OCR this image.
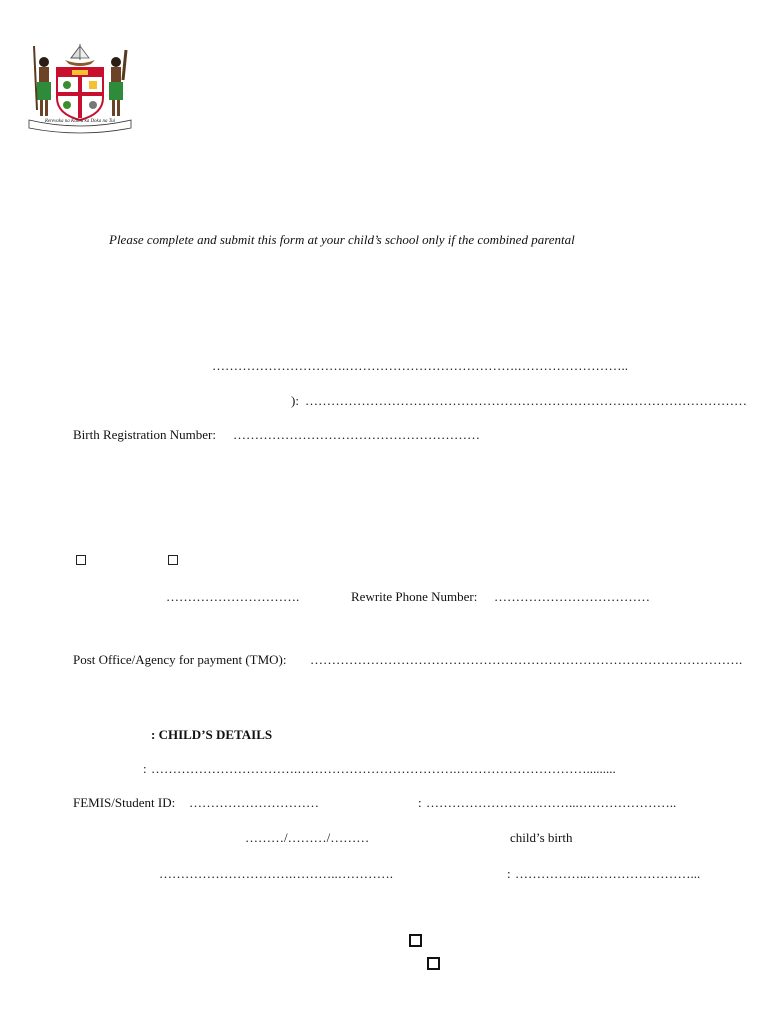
Rerevaka na Kalou ka Doka na Tui
Please complete and submit this form at your child’s school only if the combined parental
………………………….………………………………….……………………..
): …………………………………………………………………………………………
Birth Registration Number: …………………………………………………
………………………….	Rewrite Phone Number: ………………………………
Post Office/Agency for payment (TMO): ……………………………………………………………………………………….
: CHILD’S DETAILS
: …………………………….……………………………….………………………….........
FEMIS/Student ID: …………………………	: ……………………………...…………………..
………/………/………	child’s birth
………………………….………..………….	: ……………..……………………...
